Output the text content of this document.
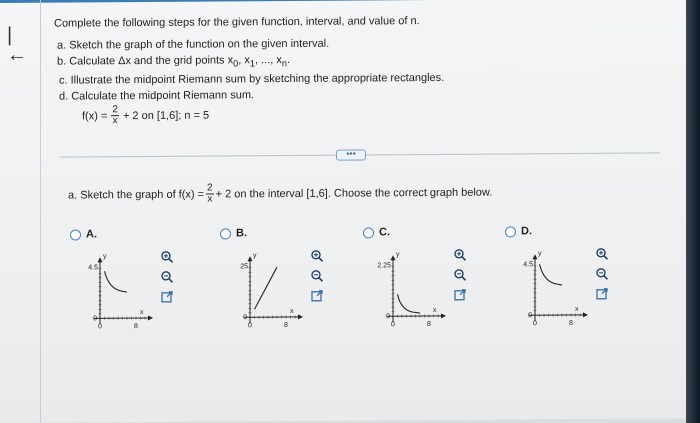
|←
Complete the following steps for the given function, interval, and value of n.
a. Sketch the graph of the function on the given interval.
b. Calculate Δx and the grid points $x_0$, $x_1$, ..., $x_n$.
c. Illustrate the midpoint Riemann sum by sketching the appropriate rectangles.
d. Calculate the midpoint Riemann sum.
$f(x) = \frac{2}{x} + 2$ on [1,6]; n = 5
•••
a. Sketch the graph of $f(x) = \frac{2}{x} + 2$ on the interval [1,6]. Choose the correct graph below.
A.
4.5
y
0
0	8
x
B.
25
y
0
0	8
x
C.
2.25
y
0
0	8
x
D.
4.5
y
0
0	8
x
